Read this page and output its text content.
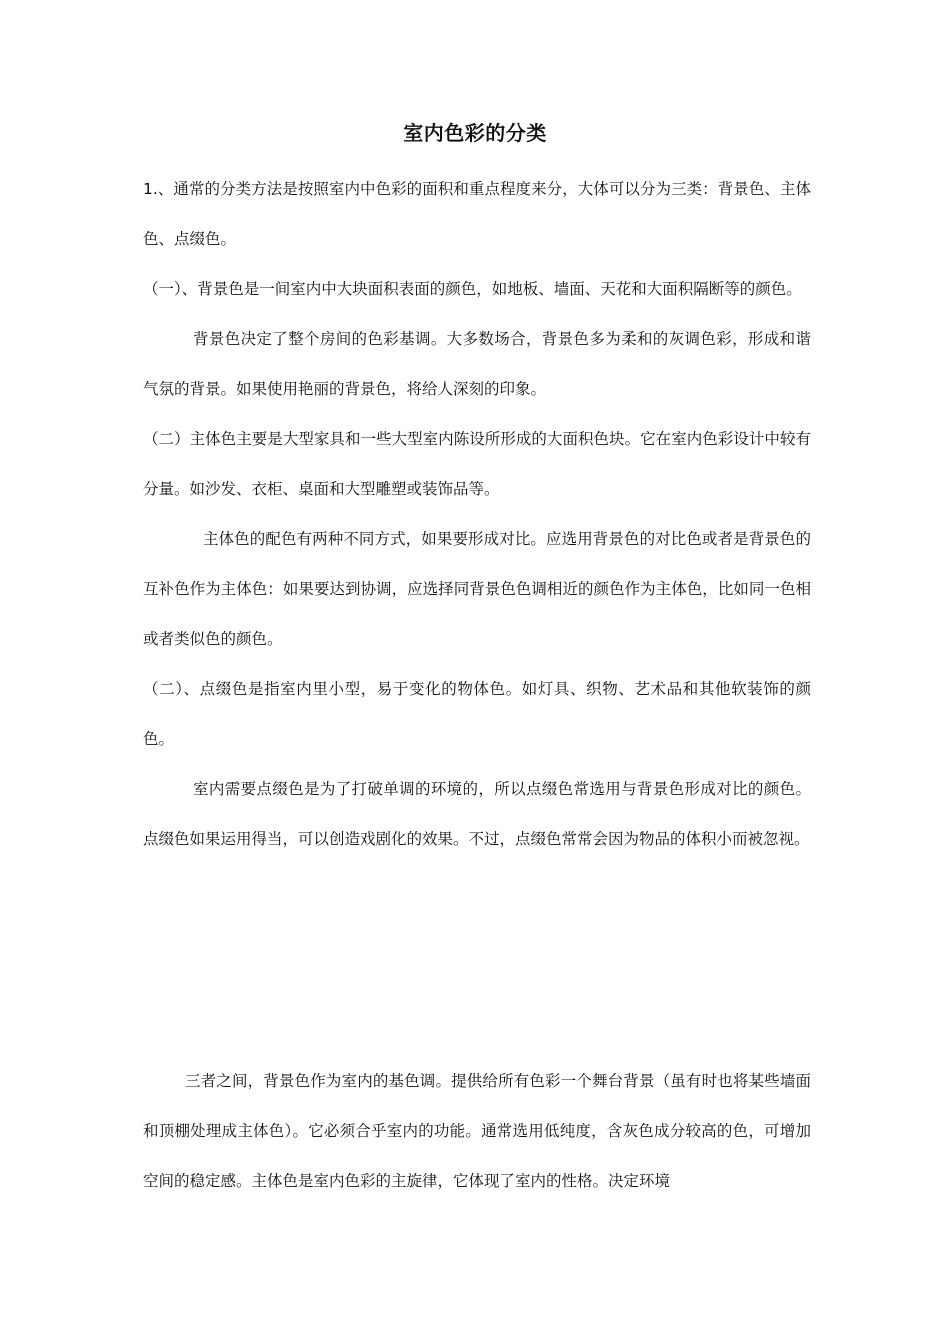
室内色彩的分类

1.、通常的分类方法是按照室内中色彩的面积和重点程度来分，大体可以分为三类：背景色、主体色、点缀色。

（一）、背景色是一间室内中大块面积表面的颜色，如地板、墙面、天花和大面积隔断等的颜色。

背景色决定了整个房间的色彩基调。大多数场合，背景色多为柔和的灰调色彩，形成和谐气氛的背景。如果使用艳丽的背景色，将给人深刻的印象。

（二）主体色主要是大型家具和一些大型室内陈设所形成的大面积色块。它在室内色彩设计中较有分量。如沙发、衣柜、桌面和大型雕塑或装饰品等。

主体色的配色有两种不同方式，如果要形成对比。应选用背景色的对比色或者是背景色的互补色作为主体色：如果要达到协调，应选择同背景色色调相近的颜色作为主体色，比如同一色相或者类似色的颜色。

（二）、点缀色是指室内里小型，易于变化的物体色。如灯具、织物、艺术品和其他软装饰的颜色。

室内需要点缀色是为了打破单调的环境的，所以点缀色常选用与背景色形成对比的颜色。点缀色如果运用得当，可以创造戏剧化的效果。不过，点缀色常常会因为物品的体积小而被忽视。

三者之间，背景色作为室内的基色调。提供给所有色彩一个舞台背景（虽有时也将某些墙面和顶棚处理成主体色）。它必须合乎室内的功能。通常选用低纯度，含灰色成分较高的色，可增加空间的稳定感。主体色是室内色彩的主旋律，它体现了室内的性格。决定环境
